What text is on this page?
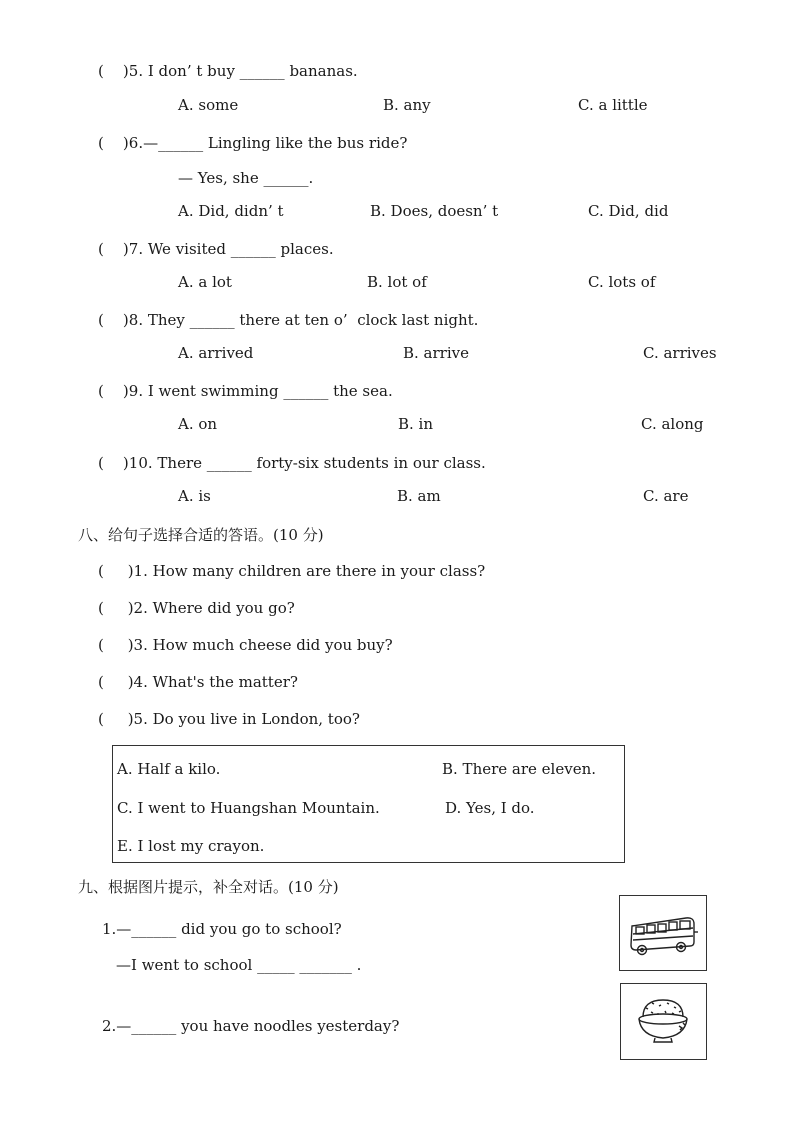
(    )5. I don’ t buy ______ bananas.
A. some	B. any	C. a little
(    )6.—______ Lingling like the bus ride?
— Yes, she ______.
A. Did, didn’ t	B. Does, doesn’ t	C. Did, did
(    )7. We visited ______ places.
A. a lot	B. lot of	C. lots of
(    )8. They ______ there at ten o’  clock last night.
A. arrived	B. arrive	C. arrives
(    )9. I went swimming ______ the sea.
A. on	B. in	C. along
(    )10. There ______ forty-six students in our class.
A. is	B. am	C. are
八、给句子选择合适的答语。(10 分)
(     )1. How many children are there in your class?
(     )2. Where did you go?
(     )3. How much cheese did you buy?
(     )4. What's the matter?
(     )5. Do you live in London, too?
A. Half a kilo.	B. There are eleven.
C. I went to Huangshan Mountain.	D. Yes, I do.
E. I lost my crayon.
九、根据图片提示，补全对话。(10 分)
1.—______ did you go to school?
—I went to school _____ _______ .
2.—______ you have noodles yesterday?
